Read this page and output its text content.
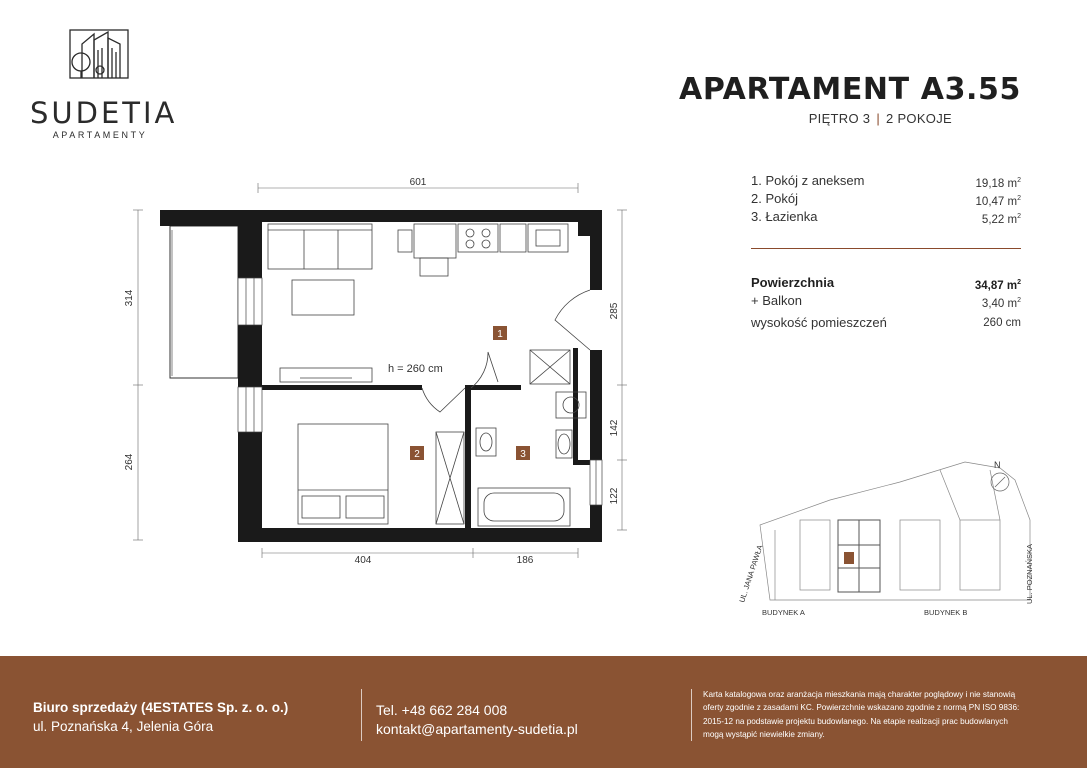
SUDETIA
APARTAMENTY
APARTAMENT A3.55
PIĘTRO 3 | 2 POKOJE
1. Pokój z aneksem	19,18 $m^2$
2. Pokój	10,47 $m^2$
3. Łazienka	5,22 $m^2$
Powierzchnia	34,87 $m^2$
+ Balkon	3,40 $m^2$
wysokość pomieszczeń	260 cm
1
2	3
h = 260 cm
601
404	186
314
264
285
142
122
N
BUDYNEK A	BUDYNEK B
UL. JANA PAWŁA	UL. POZNAŃSKA
Biuro sprzedaży (4ESTATES Sp. z. o. o.)
ul. Poznańska 4, Jelenia Góra
Tel. +48 662 284 008
kontakt@apartamenty-sudetia.pl
Karta katalogowa oraz aranżacja mieszkania mają charakter poglądowy i nie stanowią oferty zgodnie z zasadami KC. Powierzchnie wskazano zgodnie z normą PN ISO 9836: 2015-12 na podstawie projektu budowlanego. Na etapie realizacji prac budowlanych mogą wystąpić niewielkie zmiany.
